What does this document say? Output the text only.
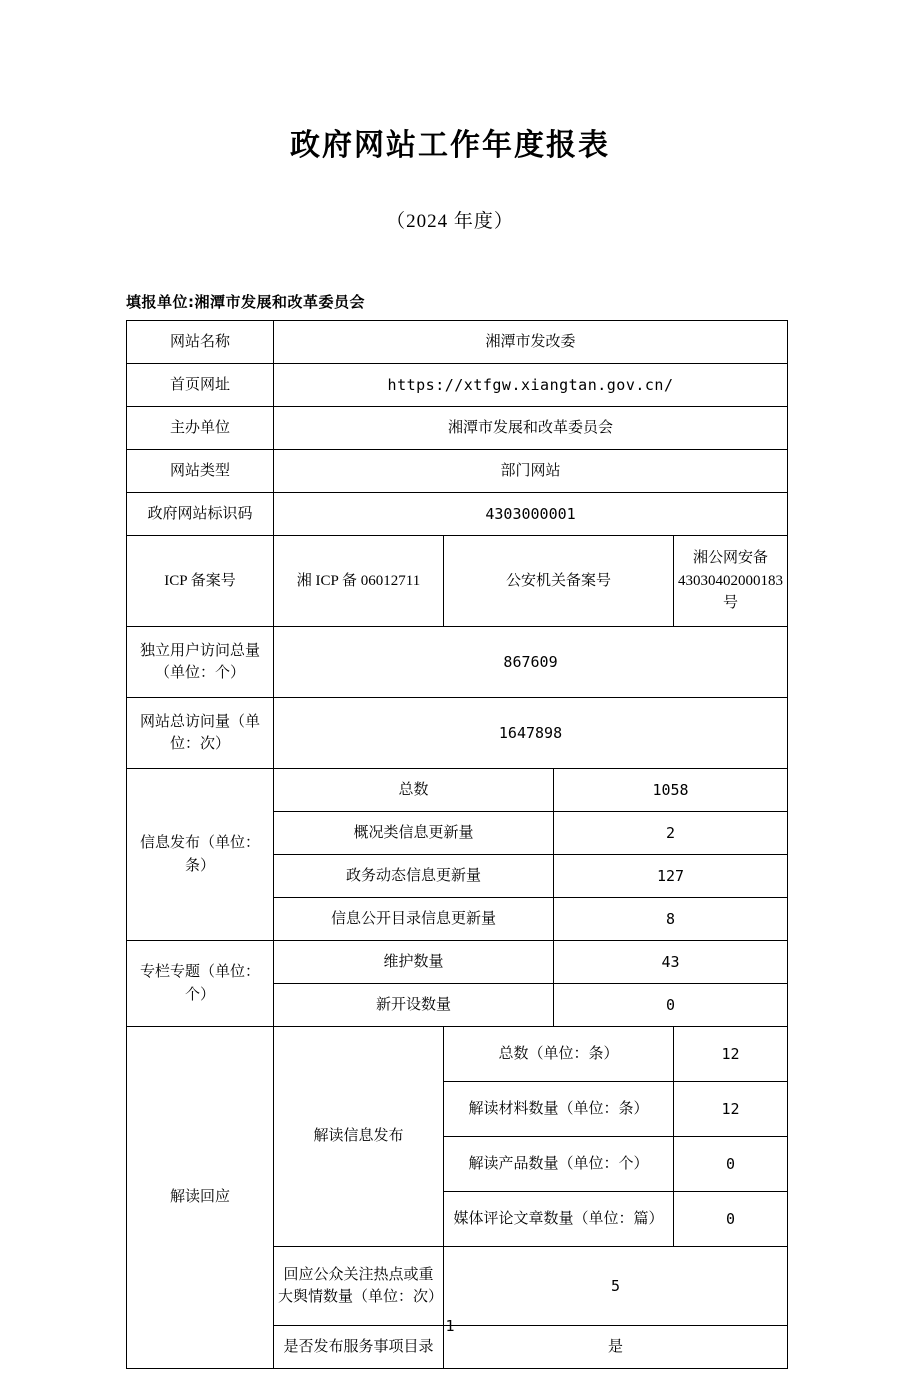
政府网站工作年度报表
（2024 年度）
填报单位:湘潭市发展和改革委员会
网站名称	湘潭市发改委			
首页网址	https://xtfgw.xiangtan.gov.cn/			
主办单位	湘潭市发展和改革委员会			
网站类型	部门网站			
政府网站标识码	4303000001			
ICP 备案号	湘 ICP 备 06012711	公安机关备案号		湘公网安备 43030402000183 号
独立用户访问总量（单位：个）	867609			
网站总访问量（单位：次）	1647898			
信息发布（单位：条）	总数		1058	
	概况类信息更新量		2	
	政务动态信息更新量		127	
	信息公开目录信息更新量		8	
专栏专题（单位：个）	维护数量		43	
	新开设数量		0	
解读回应	解读信息发布	总数（单位：条）		12
		解读材料数量（单位：条）		12
		解读产品数量（单位：个）		0
		媒体评论文章数量（单位：篇）		0
	回应公众关注热点或重大舆情数量（单位：次）	5		
	是否发布服务事项目录	是		
1
